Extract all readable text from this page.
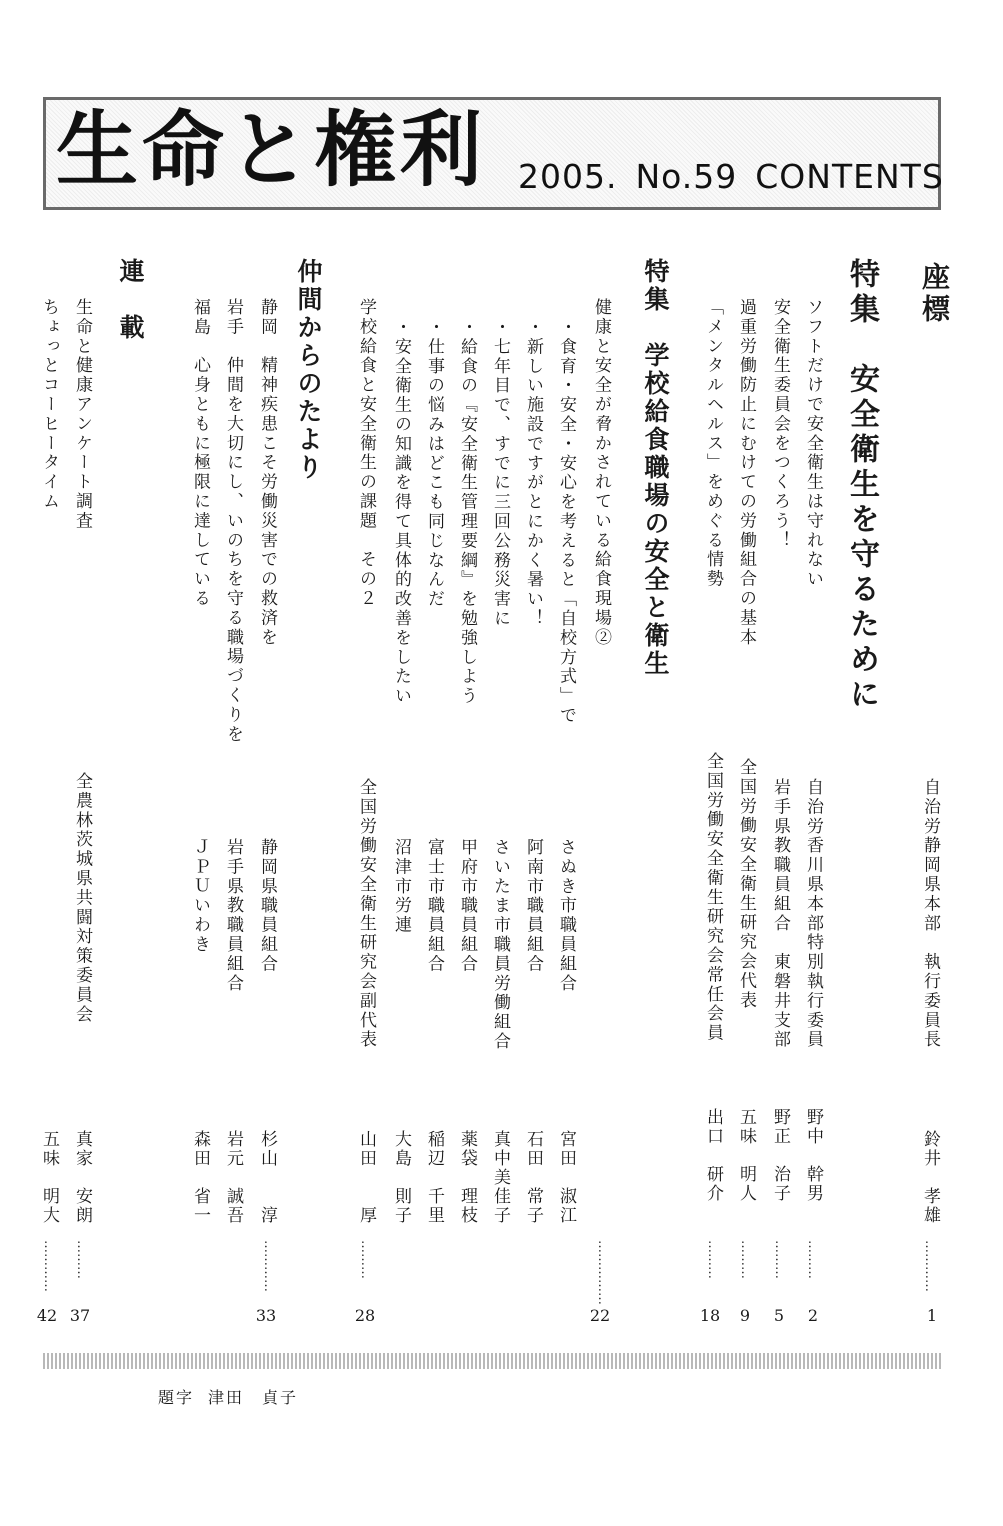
生命と権利 2005. No.59 CONTENTS
座標
自治労静岡県本部　執行委員長
鈴井　孝雄
…………
1
特集　安全衛生を守るために
ソフトだけで安全衛生は守れない
自治労香川県本部特別執行委員
野中　幹男
………
2
安全衛生委員会をつくろう！
岩手県教職員組合　東磐井支部
野正　治子
………
5
過重労働防止にむけての労働組合の基本
全国労働安全衛生研究会代表
五味　明人
………
9
「メンタルヘルス」をめぐる情勢
全国労働安全衛生研究会常任会員
出口　研介
………
18
特集　学校給食職場の安全と衛生
健康と安全が脅かされている給食現場②
・食育・安全・安心を考えると「自校方式」で
さぬき市職員組合
宮田　淑江
・新しい施設ですがとにかく暑い！
阿南市職員組合
石田　常子
・七年目で、すでに三回公務災害に
さいたま市職員労働組合
真中美佳子
・給食の『安全衛生管理要綱』を勉強しよう
甲府市職員組合
薬袋　理枝
・仕事の悩みはどこも同じなんだ
富士市職員組合
稲辺　千里
・安全衛生の知識を得て具体的改善をしたい
沼津市労連
大島　則子
……………
22
学校給食と安全衛生の課題　その２
全国労働安全衛生研究会副代表
山田　　厚
………
28
仲間からのたより
静岡　精神疾患こそ労働災害での救済を
静岡県職員組合
杉山　　淳
岩手　仲間を大切にし、いのちを守る職場づくりを
岩手県教職員組合
岩元　誠吾
福島　心身ともに極限に達している
ＪＰＵいわき
森田　省一
…………
33
連　載
生命と健康アンケート調査
全農林茨城県共闘対策委員会
真家　安朗
………
37
ちょっとコーヒータイム
五味　明大
…………
42
題字 津田　貞子
